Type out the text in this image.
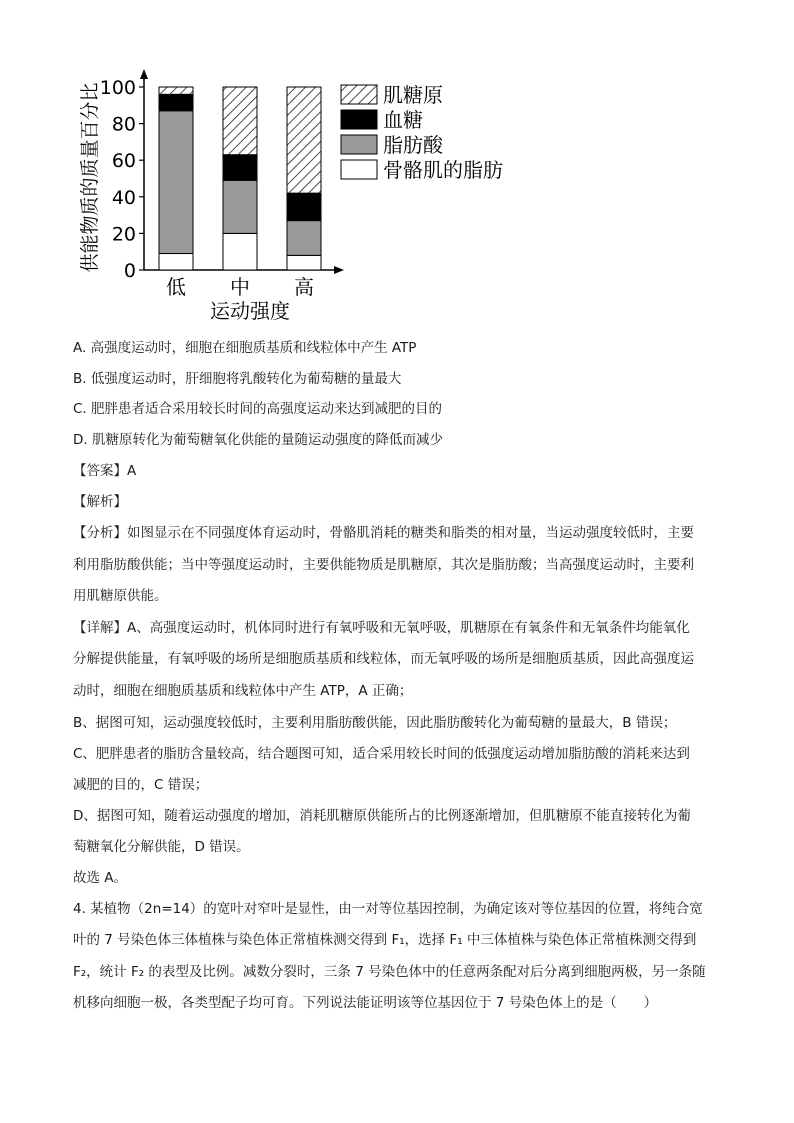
0
20
40
60
80
100
供能物质的质量百分比
低 中 高
运动强度
肌糖原
血糖
脂肪酸
骨骼肌的脂肪
A. 高强度运动时，细胞在细胞质基质和线粒体中产生 ATP
B. 低强度运动时，肝细胞将乳酸转化为葡萄糖的量最大
C. 肥胖患者适合采用较长时间的高强度运动来达到减肥的目的
D. 肌糖原转化为葡萄糖氧化供能的量随运动强度的降低而减少
【答案】A
【解析】
【分析】如图显示在不同强度体育运动时，骨骼肌消耗的糖类和脂类的相对量，当运动强度较低时，主要
利用脂肪酸供能；当中等强度运动时，主要供能物质是肌糖原，其次是脂肪酸；当高强度运动时，主要利
用肌糖原供能。
【详解】A、高强度运动时，机体同时进行有氧呼吸和无氧呼吸，肌糖原在有氧条件和无氧条件均能氧化
分解提供能量，有氧呼吸的场所是细胞质基质和线粒体，而无氧呼吸的场所是细胞质基质，因此高强度运
动时，细胞在细胞质基质和线粒体中产生 ATP，A 正确；
B、据图可知，运动强度较低时，主要利用脂肪酸供能，因此脂肪酸转化为葡萄糖的量最大，B 错误；
C、肥胖患者的脂肪含量较高，结合题图可知，适合采用较长时间的低强度运动增加脂肪酸的消耗来达到
减肥的目的，C 错误；
D、据图可知，随着运动强度的增加，消耗肌糖原供能所占的比例逐渐增加，但肌糖原不能直接转化为葡
萄糖氧化分解供能，D 错误。
故选 A。
4. 某植物（2n=14）的宽叶对窄叶是显性，由一对等位基因控制，为确定该对等位基因的位置，将纯合宽
叶的 7 号染色体三体植株与染色体正常植株测交得到 F₁，选择 F₁ 中三体植株与染色体正常植株测交得到
F₂，统计 F₂ 的表型及比例。减数分裂时，三条 7 号染色体中的任意两条配对后分离到细胞两极，另一条随
机移向细胞一极，各类型配子均可育。下列说法能证明该等位基因位于 7 号染色体上的是（　　）
